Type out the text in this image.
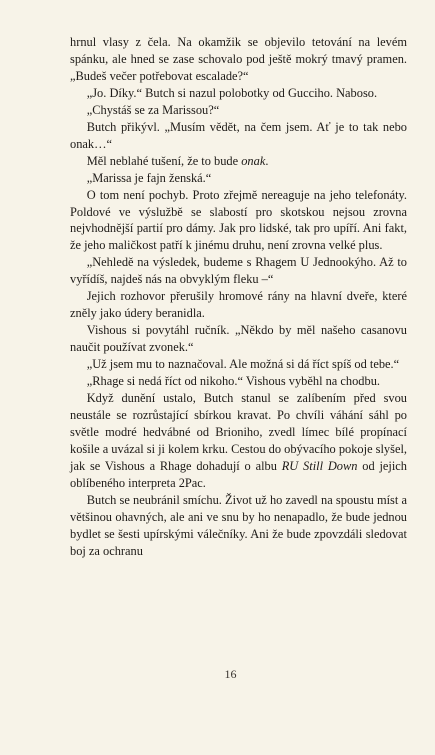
hrnul vlasy z čela. Na okamžik se objevilo tetování na levém spánku, ale hned se zase schovalo pod ještě mokrý tmavý pramen. „Budeš večer potřebovat escalade?“

„Jo. Díky.“ Butch si nazul polobotky od Gucciho. Naboso.

„Chystáš se za Marissou?“

Butch přikývl. „Musím vědět, na čem jsem. Ať je to tak nebo onak…“

Měl neblahé tušení, že to bude onak.

„Marissa je fajn ženská.“

O tom není pochyb. Proto zřejmě nereaguje na jeho telefonáty. Poldové ve výslužbě se slabostí pro skotskou nejsou zrovna nejvhodnější partií pro dámy. Jak pro lidské, tak pro upíří. Ani fakt, že jeho maličkost patří k jinému druhu, není zrovna velké plus.

„Nehledě na výsledek, budeme s Rhagem U Jednookýho. Až to vyřídíš, najdeš nás na obvyklým fleku –“

Jejich rozhovor přerušily hromové rány na hlavní dveře, které zněly jako údery beranidla.

Vishous si povytáhl ručník. „Někdo by měl našeho casanovu naučit používat zvonek.“

„Už jsem mu to naznačoval. Ale možná si dá říct spíš od tebe.“

„Rhage si nedá říct od nikoho.“ Vishous vyběhl na chodbu.

Když dunění ustalo, Butch stanul se zalíbením před svou neustále se rozrůstající sbírkou kravat. Po chvíli váhání sáhl po světle modré hedvábné od Brioniho, zvedl límec bílé propínací košile a uvázal si ji kolem krku. Cestou do obývacího pokoje slyšel, jak se Vishous a Rhage dohadují o albu RU Still Down od jejich oblíbeného interpreta 2Pac.

Butch se neubránil smíchu. Život už ho zavedl na spoustu míst a většinou ohavných, ale ani ve snu by ho nenapadlo, že bude jednou bydlet se šesti upírskými válečníky. Ani že bude zpovzdáli sledovat boj za ochranu

16
